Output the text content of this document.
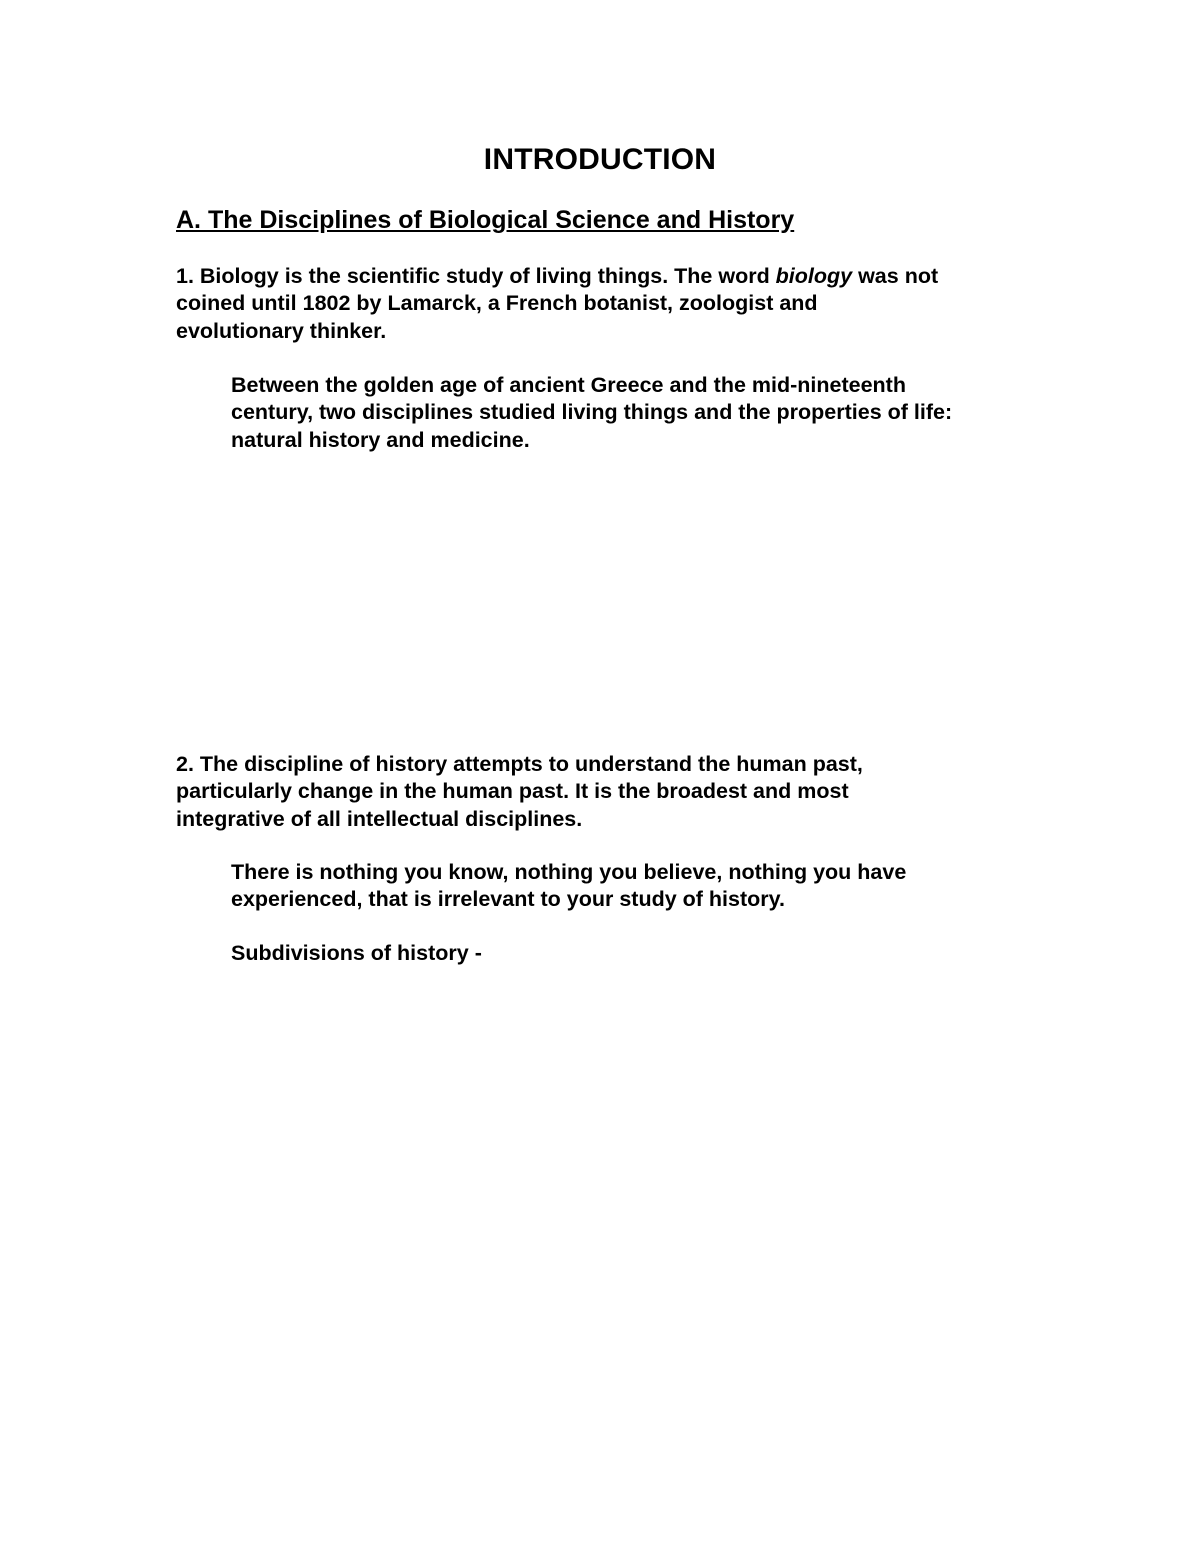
INTRODUCTION
A. The Disciplines of Biological Science and History

1. Biology is the scientific study of living things. The word biology was not
coined until 1802 by Lamarck, a French botanist, zoologist and
evolutionary thinker.

Between the golden age of ancient Greece and the mid-nineteenth
century, two disciplines studied living things and the properties of life:
natural history and medicine.

2. The discipline of history attempts to understand the human past,
particularly change in the human past. It is the broadest and most
integrative of all intellectual disciplines.

There is nothing you know, nothing you believe, nothing you have
experienced, that is irrelevant to your study of history.

Subdivisions of history -
